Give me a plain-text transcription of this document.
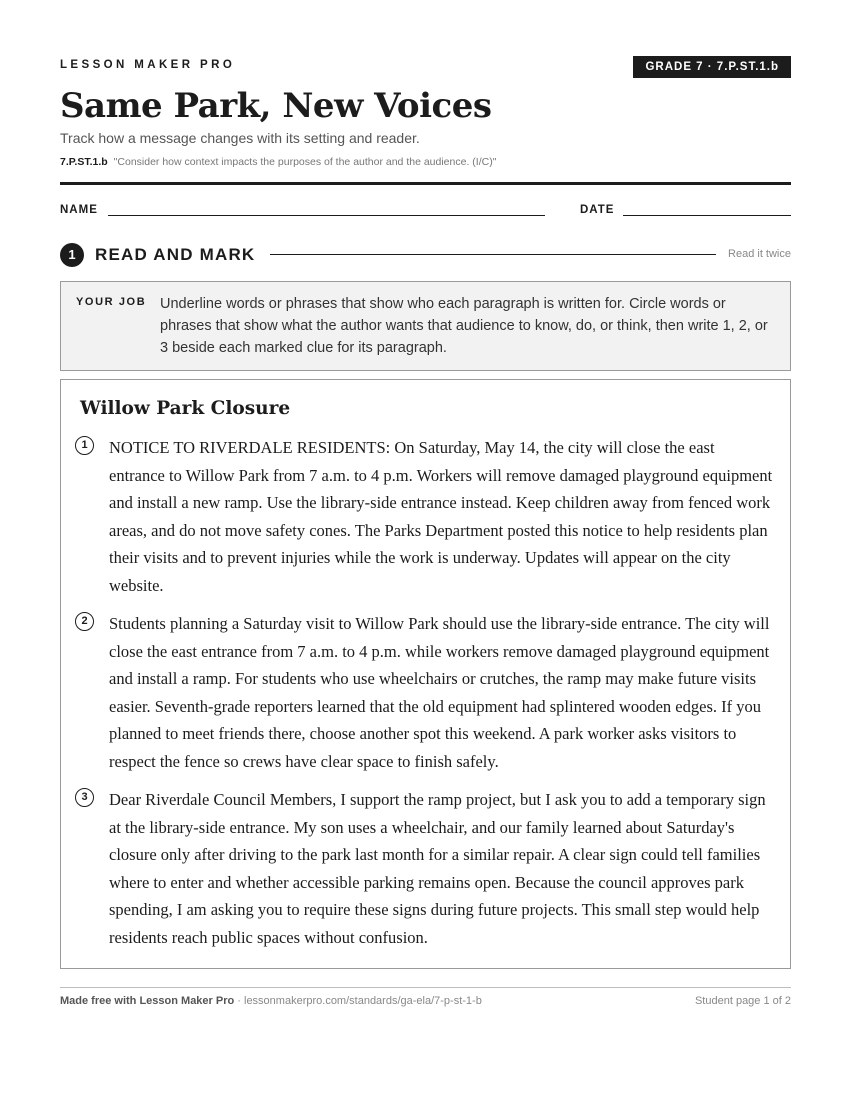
LESSON MAKER PRO	GRADE 7 · 7.P.ST.1.b
Same Park, New Voices
Track how a message changes with its setting and reader.
7.P.ST.1.b "Consider how context impacts the purposes of the author and the audience. (I/C)"
NAME	DATE
1	READ AND MARK	Read it twice
YOUR JOB Underline words or phrases that show who each paragraph is written for. Circle words or phrases that show what the author wants that audience to know, do, or think, then write 1, 2, or 3 beside each marked clue for its paragraph.
Willow Park Closure
1	NOTICE TO RIVERDALE RESIDENTS: On Saturday, May 14, the city will close the east entrance to Willow Park from 7 a.m. to 4 p.m. Workers will remove damaged playground equipment and install a new ramp. Use the library-side entrance instead. Keep children away from fenced work areas, and do not move safety cones. The Parks Department posted this notice to help residents plan their visits and to prevent injuries while the work is underway. Updates will appear on the city website.
2	Students planning a Saturday visit to Willow Park should use the library-side entrance. The city will close the east entrance from 7 a.m. to 4 p.m. while workers remove damaged playground equipment and install a ramp. For students who use wheelchairs or crutches, the ramp may make future visits easier. Seventh-grade reporters learned that the old equipment had splintered wooden edges. If you planned to meet friends there, choose another spot this weekend. A park worker asks visitors to respect the fence so crews have clear space to finish safely.
3	Dear Riverdale Council Members, I support the ramp project, but I ask you to add a temporary sign at the library-side entrance. My son uses a wheelchair, and our family learned about Saturday's closure only after driving to the park last month for a similar repair. A clear sign could tell families where to enter and whether accessible parking remains open. Because the council approves park spending, I am asking you to require these signs during future projects. This small step would help residents reach public spaces without confusion.
Made free with Lesson Maker Pro · lessonmakerpro.com/standards/ga-ela/7-p-st-1-b	Student page 1 of 2
